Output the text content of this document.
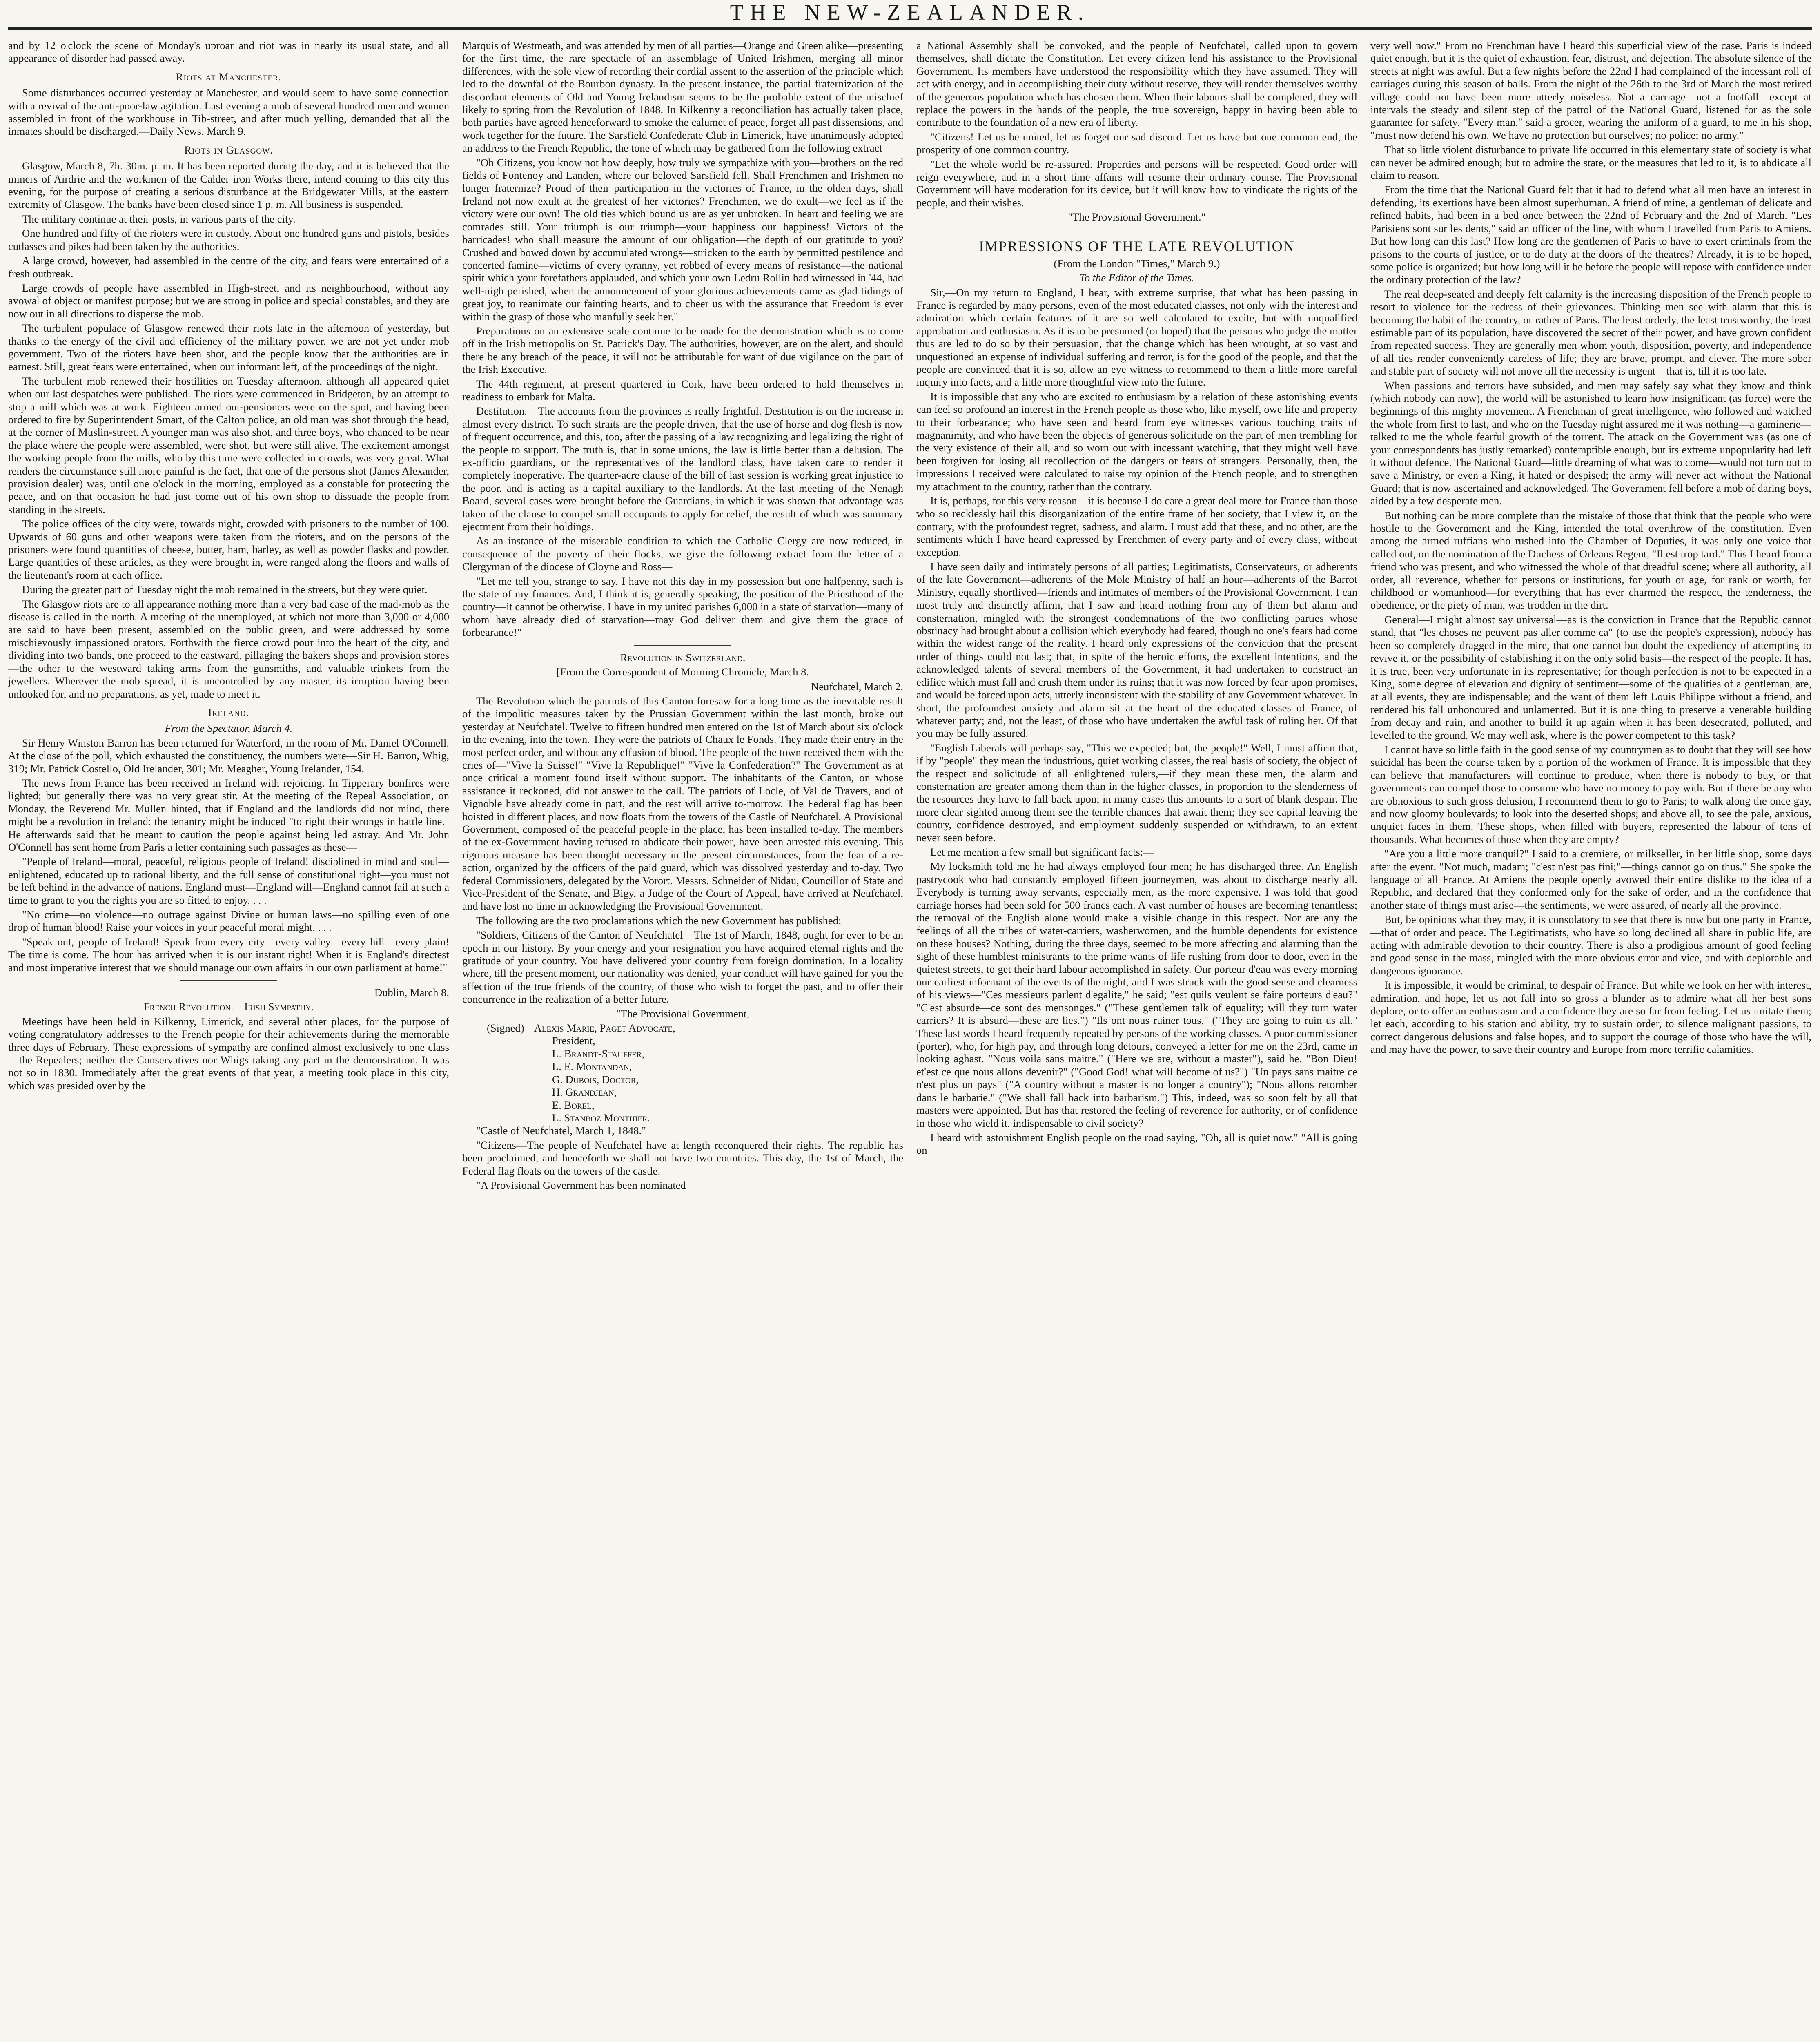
THE NEW-ZEALANDER.

and by 12 o'clock the scene of Monday's uproar and riot was in nearly its usual state, and all appearance of disorder had passed away.

Riots at Manchester.

Some disturbances occurred yesterday at Manchester, and would seem to have some connection with a revival of the anti-poor-law agitation. Last evening a mob of several hundred men and women assembled in front of the workhouse in Tib-street, and after much yelling, demanded that all the inmates should be discharged.—Daily News, March 9.

Riots in Glasgow.

Glasgow, March 8, 7h. 30m. p. m. It has been reported during the day, and it is believed that the miners of Airdrie and the workmen of the Calder iron Works there, intend coming to this city this evening, for the purpose of creating a serious disturbance at the Bridgewater Mills, at the eastern extremity of Glasgow. The banks have been closed since 1 p. m. All business is suspended.

The military continue at their posts, in various parts of the city.

One hundred and fifty of the rioters were in custody. About one hundred guns and pistols, besides cutlasses and pikes had been taken by the authorities.

A large crowd, however, had assembled in the centre of the city, and fears were entertained of a fresh outbreak.

Large crowds of people have assembled in High-street, and its neighbourhood, without any avowal of object or manifest purpose; but we are strong in police and special constables, and they are now out in all directions to disperse the mob.

The turbulent populace of Glasgow renewed their riots late in the afternoon of yesterday, but thanks to the energy of the civil and efficiency of the military power, we are not yet under mob government. Two of the rioters have been shot, and the people know that the authorities are in earnest. Still, great fears were entertained, when our informant left, of the proceedings of the night.

The turbulent mob renewed their hostilities on Tuesday afternoon, although all appeared quiet when our last despatches were published. The riots were commenced in Bridgeton, by an attempt to stop a mill which was at work. Eighteen armed out-pensioners were on the spot, and having been ordered to fire by Superintendent Smart, of the Calton police, an old man was shot through the head, at the corner of Muslin-street. A younger man was also shot, and three boys, who chanced to be near the place where the people were assembled, were shot, but were still alive. The excitement amongst the working people from the mills, who by this time were collected in crowds, was very great. What renders the circumstance still more painful is the fact, that one of the persons shot (James Alexander, provision dealer) was, until one o'clock in the morning, employed as a constable for protecting the peace, and on that occasion he had just come out of his own shop to dissuade the people from standing in the streets.

The police offices of the city were, towards night, crowded with prisoners to the number of 100. Upwards of 60 guns and other weapons were taken from the rioters, and on the persons of the prisoners were found quantities of cheese, butter, ham, barley, as well as powder flasks and powder. Large quantities of these articles, as they were brought in, were ranged along the floors and walls of the lieutenant's room at each office.

During the greater part of Tuesday night the mob remained in the streets, but they were quiet.

The Glasgow riots are to all appearance nothing more than a very bad case of the mad-mob as the disease is called in the north. A meeting of the unemployed, at which not more than 3,000 or 4,000 are said to have been present, assembled on the public green, and were addressed by some mischievously impassioned orators. Forthwith the fierce crowd pour into the heart of the city, and dividing into two bands, one proceed to the eastward, pillaging the bakers shops and provision stores—the other to the westward taking arms from the gunsmiths, and valuable trinkets from the jewellers. Wherever the mob spread, it is uncontrolled by any master, its irruption having been unlooked for, and no preparations, as yet, made to meet it.

Ireland.

From the Spectator, March 4.

Sir Henry Winston Barron has been returned for Waterford, in the room of Mr. Daniel O'Connell. At the close of the poll, which exhausted the constituency, the numbers were—Sir H. Barron, Whig, 319; Mr. Patrick Costello, Old Irelander, 301; Mr. Meagher, Young Irelander, 154.

The news from France has been received in Ireland with rejoicing. In Tipperary bonfires were lighted; but generally there was no very great stir. At the meeting of the Repeal Association, on Monday, the Reverend Mr. Mullen hinted, that if England and the landlords did not mind, there might be a revolution in Ireland: the tenantry might be induced "to right their wrongs in battle line." He afterwards said that he meant to caution the people against being led astray. And Mr. John O'Connell has sent home from Paris a letter containing such passages as these—

"People of Ireland—moral, peaceful, religious people of Ireland! disciplined in mind and soul—enlightened, educated up to rational liberty, and the full sense of constitutional right—you must not be left behind in the advance of nations. England must—England will—England cannot fail at such a time to grant to you the rights you are so fitted to enjoy. . . .

"No crime—no violence—no outrage against Divine or human laws—no spilling even of one drop of human blood! Raise your voices in your peaceful moral might. . . .

"Speak out, people of Ireland! Speak from every city—every valley—every hill—every plain! The time is come. The hour has arrived when it is our instant right! When it is England's directest and most imperative interest that we should manage our own affairs in our own parliament at home!"

Dublin, March 8.

French Revolution.—Irish Sympathy.

Meetings have been held in Kilkenny, Limerick, and several other places, for the purpose of voting congratulatory addresses to the French people for their achievements during the memorable three days of February. These expressions of sympathy are confined almost exclusively to one class—the Repealers; neither the Conservatives nor Whigs taking any part in the demonstration. It was not so in 1830. Immediately after the great events of that year, a meeting took place in this city, which was presided over by the

Marquis of Westmeath, and was attended by men of all parties—Orange and Green alike—presenting for the first time, the rare spectacle of an assemblage of United Irishmen, merging all minor differences, with the sole view of recording their cordial assent to the assertion of the principle which led to the downfal of the Bourbon dynasty. In the present instance, the partial fraternization of the discordant elements of Old and Young Irelandism seems to be the probable extent of the mischief likely to spring from the Revolution of 1848. In Kilkenny a reconciliation has actually taken place, both parties have agreed henceforward to smoke the calumet of peace, forget all past dissensions, and work together for the future. The Sarsfield Confederate Club in Limerick, have unanimously adopted an address to the French Republic, the tone of which may be gathered from the following extract—

"Oh Citizens, you know not how deeply, how truly we sympathize with you—brothers on the red fields of Fontenoy and Landen, where our beloved Sarsfield fell. Shall Frenchmen and Irishmen no longer fraternize? Proud of their participation in the victories of France, in the olden days, shall Ireland not now exult at the greatest of her victories? Frenchmen, we do exult—we feel as if the victory were our own! The old ties which bound us are as yet unbroken. In heart and feeling we are comrades still. Your triumph is our triumph—your happiness our happiness! Victors of the barricades! who shall measure the amount of our obligation—the depth of our gratitude to you? Crushed and bowed down by accumulated wrongs—stricken to the earth by permitted pestilence and concerted famine—victims of every tyranny, yet robbed of every means of resistance—the national spirit which your forefathers applauded, and which your own Ledru Rollin had witnessed in '44, had well-nigh perished, when the announcement of your glorious achievements came as glad tidings of great joy, to reanimate our fainting hearts, and to cheer us with the assurance that Freedom is ever within the grasp of those who manfully seek her."

Preparations on an extensive scale continue to be made for the demonstration which is to come off in the Irish metropolis on St. Patrick's Day. The authorities, however, are on the alert, and should there be any breach of the peace, it will not be attributable for want of due vigilance on the part of the Irish Executive.

The 44th regiment, at present quartered in Cork, have been ordered to hold themselves in readiness to embark for Malta.

Destitution.—The accounts from the provinces is really frightful. Destitution is on the increase in almost every district. To such straits are the people driven, that the use of horse and dog flesh is now of frequent occurrence, and this, too, after the passing of a law recognizing and legalizing the right of the people to support. The truth is, that in some unions, the law is little better than a delusion. The ex-officio guardians, or the representatives of the landlord class, have taken care to render it completely inoperative. The quarter-acre clause of the bill of last session is working great injustice to the poor, and is acting as a capital auxiliary to the landlords. At the last meeting of the Nenagh Board, several cases were brought before the Guardians, in which it was shown that advantage was taken of the clause to compel small occupants to apply for relief, the result of which was summary ejectment from their holdings.

As an instance of the miserable condition to which the Catholic Clergy are now reduced, in consequence of the poverty of their flocks, we give the following extract from the letter of a Clergyman of the diocese of Cloyne and Ross—

"Let me tell you, strange to say, I have not this day in my possession but one halfpenny, such is the state of my finances. And, I think it is, generally speaking, the position of the Priesthood of the country—it cannot be otherwise. I have in my united parishes 6,000 in a state of starvation—many of whom have already died of starvation—may God deliver them and give them the grace of forbearance!"

Revolution in Switzerland.

[From the Correspondent of Morning Chronicle, March 8.

Neufchatel, March 2.

The Revolution which the patriots of this Canton foresaw for a long time as the inevitable result of the impolitic measures taken by the Prussian Government within the last month, broke out yesterday at Neufchatel. Twelve to fifteen hundred men entered on the 1st of March about six o'clock in the evening, into the town. They were the patriots of Chaux le Fonds. They made their entry in the most perfect order, and without any effusion of blood. The people of the town received them with the cries of—"Vive la Suisse!" "Vive la Republique!" "Vive la Confederation?" The Government as at once critical a moment found itself without support. The inhabitants of the Canton, on whose assistance it reckoned, did not answer to the call. The patriots of Locle, of Val de Travers, and of Vignoble have already come in part, and the rest will arrive to-morrow. The Federal flag has been hoisted in different places, and now floats from the towers of the Castle of Neufchatel. A Provisional Government, composed of the peaceful people in the place, has been installed to-day. The members of the ex-Government having refused to abdicate their power, have been arrested this evening. This rigorous measure has been thought necessary in the present circumstances, from the fear of a re-action, organized by the officers of the paid guard, which was dissolved yesterday and to-day. Two federal Commissioners, delegated by the Vorort. Messrs. Schneider of Nidau, Councillor of State and Vice-President of the Senate, and Bigy, a Judge of the Court of Appeal, have arrived at Neufchatel, and have lost no time in acknowledging the Provisional Government.

The following are the two proclamations which the new Government has published:

"Soldiers, Citizens of the Canton of Neufchatel—The 1st of March, 1848, ought for ever to be an epoch in our history. By your energy and your resignation you have acquired eternal rights and the gratitude of your country. You have delivered your country from foreign domination. In a locality where, till the present moment, our nationality was denied, your conduct will have gained for you the affection of the true friends of the country, of those who wish to forget the past, and to offer their concurrence in the realization of a better future.

"The Provisional Government,

(Signed) Alexis Marie, Paget Advocate,
President,
L. Brandt-Stauffer,
L. E. Montandan,
G. Dubois, Doctor,
H. Grandjean,
E. Borel,
L. Stanboz Monthier.

"Castle of Neufchatel, March 1, 1848."

"Citizens—The people of Neufchatel have at length reconquered their rights. The republic has been proclaimed, and henceforth we shall not have two countries. This day, the 1st of March, the Federal flag floats on the towers of the castle.

"A Provisional Government has been nominated

a National Assembly shall be convoked, and the people of Neufchatel, called upon to govern themselves, shall dictate the Constitution. Let every citizen lend his assistance to the Provisional Government. Its members have understood the responsibility which they have assumed. They will act with energy, and in accomplishing their duty without reserve, they will render themselves worthy of the generous population which has chosen them. When their labours shall be completed, they will replace the powers in the hands of the people, the true sovereign, happy in having been able to contribute to the foundation of a new era of liberty.

"Citizens! Let us be united, let us forget our sad discord. Let us have but one common end, the prosperity of one common country.

"Let the whole world be re-assured. Properties and persons will be respected. Good order will reign everywhere, and in a short time affairs will resume their ordinary course. The Provisional Government will have moderation for its device, but it will know how to vindicate the rights of the people, and their wishes.

"The Provisional Government."

IMPRESSIONS OF THE LATE REVOLUTION

(From the London "Times," March 9.)

To the Editor of the Times.

Sir,—On my return to England, I hear, with extreme surprise, that what has been passing in France is regarded by many persons, even of the most educated classes, not only with the interest and admiration which certain features of it are so well calculated to excite, but with unqualified approbation and enthusiasm. As it is to be presumed (or hoped) that the persons who judge the matter thus are led to do so by their persuasion, that the change which has been wrought, at so vast and unquestioned an expense of individual suffering and terror, is for the good of the people, and that the people are convinced that it is so, allow an eye witness to recommend to them a little more careful inquiry into facts, and a little more thoughtful view into the future.

It is impossible that any who are excited to enthusiasm by a relation of these astonishing events can feel so profound an interest in the French people as those who, like myself, owe life and property to their forbearance; who have seen and heard from eye witnesses various touching traits of magnanimity, and who have been the objects of generous solicitude on the part of men trembling for the very existence of their all, and so worn out with incessant watching, that they might well have been forgiven for losing all recollection of the dangers or fears of strangers. Personally, then, the impressions I received were calculated to raise my opinion of the French people, and to strengthen my attachment to the country, rather than the contrary.

It is, perhaps, for this very reason—it is because I do care a great deal more for France than those who so recklessly hail this disorganization of the entire frame of her society, that I view it, on the contrary, with the profoundest regret, sadness, and alarm. I must add that these, and no other, are the sentiments which I have heard expressed by Frenchmen of every party and of every class, without exception.

I have seen daily and intimately persons of all parties; Legitimatists, Conservateurs, or adherents of the late Government—adherents of the Mole Ministry of half an hour—adherents of the Barrot Ministry, equally shortlived—friends and intimates of members of the Provisional Government. I can most truly and distinctly affirm, that I saw and heard nothing from any of them but alarm and consternation, mingled with the strongest condemnations of the two conflicting parties whose obstinacy had brought about a collision which everybody had feared, though no one's fears had come within the widest range of the reality. I heard only expressions of the conviction that the present order of things could not last; that, in spite of the heroic efforts, the excellent intentions, and the acknowledged talents of several members of the Government, it had undertaken to construct an edifice which must fall and crush them under its ruins; that it was now forced by fear upon promises, and would be forced upon acts, utterly inconsistent with the stability of any Government whatever. In short, the profoundest anxiety and alarm sit at the heart of the educated classes of France, of whatever party; and, not the least, of those who have undertaken the awful task of ruling her. Of that you may be fully assured.

"English Liberals will perhaps say, "This we expected; but, the people!" Well, I must affirm that, if by "people" they mean the industrious, quiet working classes, the real basis of society, the object of the respect and solicitude of all enlightened rulers,—if they mean these men, the alarm and consternation are greater among them than in the higher classes, in proportion to the slenderness of the resources they have to fall back upon; in many cases this amounts to a sort of blank despair. The more clear sighted among them see the terrible chances that await them; they see capital leaving the country, confidence destroyed, and employment suddenly suspended or withdrawn, to an extent never seen before.

Let me mention a few small but significant facts:—

My locksmith told me he had always employed four men; he has discharged three. An English pastrycook who had constantly employed fifteen journeymen, was about to discharge nearly all. Everybody is turning away servants, especially men, as the more expensive. I was told that good carriage horses had been sold for 500 francs each. A vast number of houses are becoming tenantless; the removal of the English alone would make a visible change in this respect. Nor are any the feelings of all the tribes of water-carriers, washerwomen, and the humble dependents for existence on these houses? Nothing, during the three days, seemed to be more affecting and alarming than the sight of these humblest ministrants to the prime wants of life rushing from door to door, even in the quietest streets, to get their hard labour accomplished in safety. Our porteur d'eau was every morning our earliest informant of the events of the night, and I was struck with the good sense and clearness of his views—"Ces messieurs parlent d'egalite," he said; "est quils veulent se faire porteurs d'eau?" "C'est absurde—ce sont des mensonges." ("These gentlemen talk of equality; will they turn water carriers? It is absurd—these are lies.") "Ils ont nous ruiner tous," ("They are going to ruin us all." These last words I heard frequently repeated by persons of the working classes. A poor commissioner (porter), who, for high pay, and through long detours, conveyed a letter for me on the 23rd, came in looking aghast. "Nous voila sans maitre." ("Here we are, without a master"), said he. "Bon Dieu! et'est ce que nous allons devenir?" ("Good God! what will become of us?") "Un pays sans maitre ce n'est plus un pays" ("A country without a master is no longer a country"); "Nous allons retomber dans le barbarie." ("We shall fall back into barbarism.") This, indeed, was so soon felt by all that masters were appointed. But has that restored the feeling of reverence for authority, or of confidence in those who wield it, indispensable to civil society?

I heard with astonishment English people on the road saying, "Oh, all is quiet now." "All is going on

very well now." From no Frenchman have I heard this superficial view of the case. Paris is indeed quiet enough, but it is the quiet of exhaustion, fear, distrust, and dejection. The absolute silence of the streets at night was awful. But a few nights before the 22nd I had complained of the incessant roll of carriages during this season of balls. From the night of the 26th to the 3rd of March the most retired village could not have been more utterly noiseless. Not a carriage—not a footfall—except at intervals the steady and silent step of the patrol of the National Guard, listened for as the sole guarantee for safety. "Every man," said a grocer, wearing the uniform of a guard, to me in his shop, "must now defend his own. We have no protection but ourselves; no police; no army."

That so little violent disturbance to private life occurred in this elementary state of society is what can never be admired enough; but to admire the state, or the measures that led to it, is to abdicate all claim to reason.

From the time that the National Guard felt that it had to defend what all men have an interest in defending, its exertions have been almost superhuman. A friend of mine, a gentleman of delicate and refined habits, had been in a bed once between the 22nd of February and the 2nd of March. "Les Parisiens sont sur les dents," said an officer of the line, with whom I travelled from Paris to Amiens. But how long can this last? How long are the gentlemen of Paris to have to exert criminals from the prisons to the courts of justice, or to do duty at the doors of the theatres? Already, it is to be hoped, some police is organized; but how long will it be before the people will repose with confidence under the ordinary protection of the law?

The real deep-seated and deeply felt calamity is the increasing disposition of the French people to resort to violence for the redress of their grievances. Thinking men see with alarm that this is becoming the habit of the country, or rather of Paris. The least orderly, the least trustworthy, the least estimable part of its population, have discovered the secret of their power, and have grown confident from repeated success. They are generally men whom youth, disposition, poverty, and independence of all ties render conveniently careless of life; they are brave, prompt, and clever. The more sober and stable part of society will not move till the necessity is urgent—that is, till it is too late.

When passions and terrors have subsided, and men may safely say what they know and think (which nobody can now), the world will be astonished to learn how insignificant (as force) were the beginnings of this mighty movement. A Frenchman of great intelligence, who followed and watched the whole from first to last, and who on the Tuesday night assured me it was nothing—a gaminerie—talked to me the whole fearful growth of the torrent. The attack on the Government was (as one of your correspondents has justly remarked) contemptible enough, but its extreme unpopularity had left it without defence. The National Guard—little dreaming of what was to come—would not turn out to save a Ministry, or even a King, it hated or despised; the army will never act without the National Guard; that is now ascertained and acknowledged. The Government fell before a mob of daring boys, aided by a few desperate men.

But nothing can be more complete than the mistake of those that think that the people who were hostile to the Government and the King, intended the total overthrow of the constitution. Even among the armed ruffians who rushed into the Chamber of Deputies, it was only one voice that called out, on the nomination of the Duchess of Orleans Regent, "Il est trop tard." This I heard from a friend who was present, and who witnessed the whole of that dreadful scene; where all authority, all order, all reverence, whether for persons or institutions, for youth or age, for rank or worth, for childhood or womanhood—for everything that has ever charmed the respect, the tenderness, the obedience, or the piety of man, was trodden in the dirt.

General—I might almost say universal—as is the conviction in France that the Republic cannot stand, that "les choses ne peuvent pas aller comme ca" (to use the people's expression), nobody has been so completely dragged in the mire, that one cannot but doubt the expediency of attempting to revive it, or the possibility of establishing it on the only solid basis—the respect of the people. It has, it is true, been very unfortunate in its representative; for though perfection is not to be expected in a King, some degree of elevation and dignity of sentiment—some of the qualities of a gentleman, are, at all events, they are indispensable; and the want of them left Louis Philippe without a friend, and rendered his fall unhonoured and unlamented. But it is one thing to preserve a venerable building from decay and ruin, and another to build it up again when it has been desecrated, polluted, and levelled to the ground. We may well ask, where is the power competent to this task?

I cannot have so little faith in the good sense of my countrymen as to doubt that they will see how suicidal has been the course taken by a portion of the workmen of France. It is impossible that they can believe that manufacturers will continue to produce, when there is nobody to buy, or that governments can compel those to consume who have no money to pay with. But if there be any who are obnoxious to such gross delusion, I recommend them to go to Paris; to walk along the once gay, and now gloomy boulevards; to look into the deserted shops; and above all, to see the pale, anxious, unquiet faces in them. These shops, when filled with buyers, represented the labour of tens of thousands. What becomes of those when they are empty?

"Are you a little more tranquil?" I said to a cremiere, or milkseller, in her little shop, some days after the event. "Not much, madam; "c'est n'est pas fini;"—things cannot go on thus." She spoke the language of all France. At Amiens the people openly avowed their entire dislike to the idea of a Republic, and declared that they conformed only for the sake of order, and in the confidence that another state of things must arise—the sentiments, we were assured, of nearly all the province.

But, be opinions what they may, it is consolatory to see that there is now but one party in France,—that of order and peace. The Legitimatists, who have so long declined all share in public life, are acting with admirable devotion to their country. There is also a prodigious amount of good feeling and good sense in the mass, mingled with the more obvious error and vice, and with deplorable and dangerous ignorance.

It is impossible, it would be criminal, to despair of France. But while we look on her with interest, admiration, and hope, let us not fall into so gross a blunder as to admire what all her best sons deplore, or to offer an enthusiasm and a confidence they are so far from feeling. Let us imitate them; let each, according to his station and ability, try to sustain order, to silence malignant passions, to correct dangerous delusions and false hopes, and to support the courage of those who have the will, and may have the power, to save their country and Europe from more terrific calamities.
